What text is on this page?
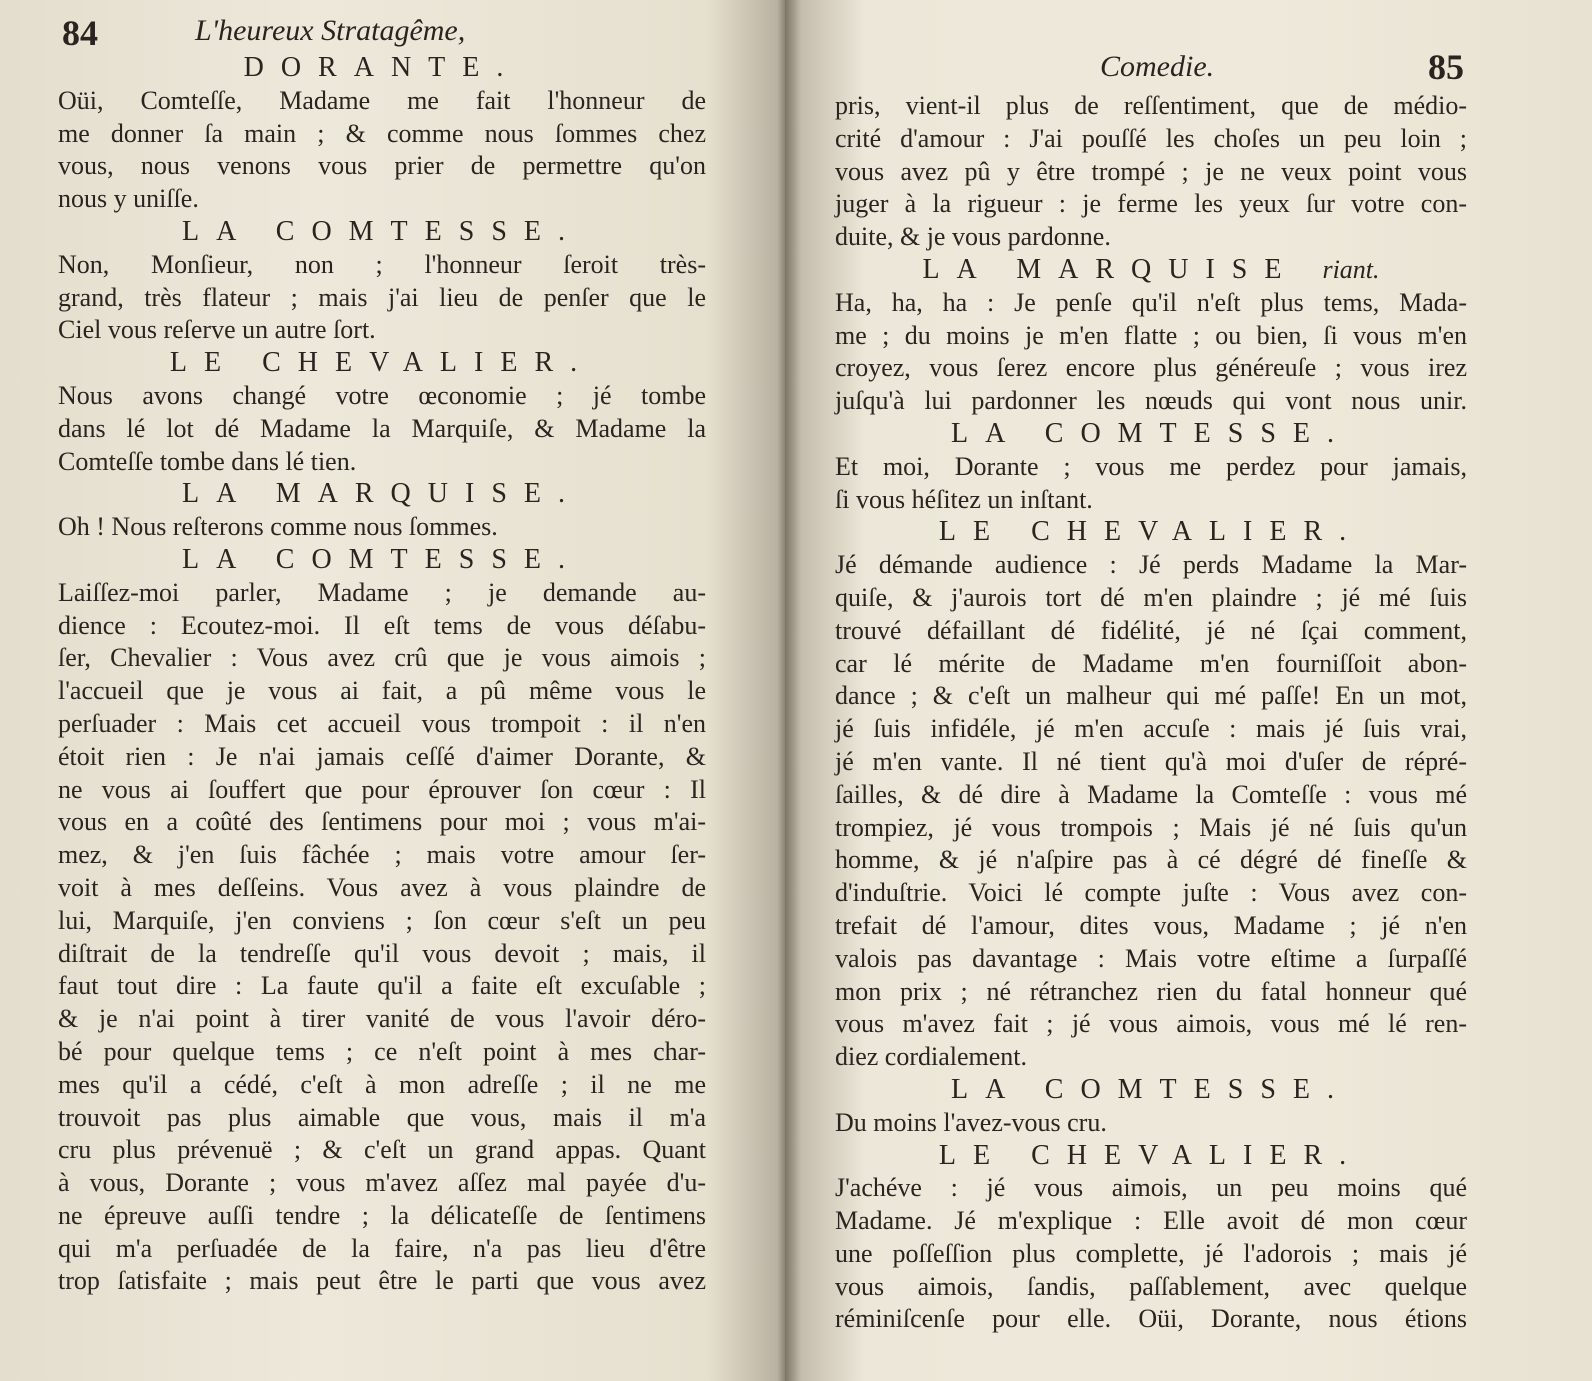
84	L'heureux Stratagême,
DORANTE.
Oüi, Comteſſe, Madame me fait l'honneur de
me donner ſa main ; & comme nous ſommes chez
vous, nous venons vous prier de permettre qu'on
nous y uniſſe.
LA COMTESSE.
Non, Monſieur, non ; l'honneur ſeroit très-
grand, très flateur ; mais j'ai lieu de penſer que le
Ciel vous reſerve un autre ſort.
LE CHEVALIER.
Nous avons changé votre œconomie ; jé tombe
dans lé lot dé Madame la Marquiſe, & Madame la
Comteſſe tombe dans lé tien.
LA MARQUISE.
Oh ! Nous reſterons comme nous ſommes.
LA COMTESSE.
Laiſſez-moi parler, Madame ; je demande au-
dience : Ecoutez-moi. Il eſt tems de vous déſabu-
ſer, Chevalier : Vous avez crû que je vous aimois ;
l'accueil que je vous ai fait, a pû même vous le
perſuader : Mais cet accueil vous trompoit : il n'en
étoit rien : Je n'ai jamais ceſſé d'aimer Dorante, &
ne vous ai ſouffert que pour éprouver ſon cœur : Il
vous en a coûté des ſentimens pour moi ; vous m'ai-
mez, & j'en ſuis fâchée ; mais votre amour ſer-
voit à mes deſſeins. Vous avez à vous plaindre de
lui, Marquiſe, j'en conviens ; ſon cœur s'eſt un peu
diſtrait de la tendreſſe qu'il vous devoit ; mais, il
faut tout dire : La faute qu'il a faite eſt excuſable ;
& je n'ai point à tirer vanité de vous l'avoir déro-
bé pour quelque tems ; ce n'eſt point à mes char-
mes qu'il a cédé, c'eſt à mon adreſſe ; il ne me
trouvoit pas plus aimable que vous, mais il m'a
cru plus prévenuë ; & c'eſt un grand appas. Quant
à vous, Dorante ; vous m'avez aſſez mal payée d'u-
ne épreuve auſſi tendre ; la délicateſſe de ſentimens
qui m'a perſuadée de la faire, n'a pas lieu d'être
trop ſatisfaite ; mais peut être le parti que vous avez
Comedie.	85
pris, vient-il plus de reſſentiment, que de médio-
crité d'amour : J'ai pouſſé les choſes un peu loin ;
vous avez pû y être trompé ; je ne veux point vous
juger à la rigueur : je ferme les yeux ſur votre con-
duite, & je vous pardonne.
LA MARQUISE riant.
Ha, ha, ha : Je penſe qu'il n'eſt plus tems, Mada-
me ; du moins je m'en flatte ; ou bien, ſi vous m'en
croyez, vous ſerez encore plus généreuſe ; vous irez
juſqu'à lui pardonner les nœuds qui vont nous unir.
LA COMTESSE.
Et moi, Dorante ; vous me perdez pour jamais,
ſi vous héſitez un inſtant.
LE CHEVALIER.
Jé démande audience : Jé perds Madame la Mar-
quiſe, & j'aurois tort dé m'en plaindre ; jé mé ſuis
trouvé défaillant dé fidélité, jé né ſçai comment,
car lé mérite de Madame m'en fourniſſoit abon-
dance ; & c'eſt un malheur qui mé paſſe! En un mot,
jé ſuis infidéle, jé m'en accuſe : mais jé ſuis vrai,
jé m'en vante. Il né tient qu'à moi d'uſer de répré-
ſailles, & dé dire à Madame la Comteſſe : vous mé
trompiez, jé vous trompois ; Mais jé né ſuis qu'un
homme, & jé n'aſpire pas à cé dégré dé fineſſe &
d'induſtrie. Voici lé compte juſte : Vous avez con-
trefait dé l'amour, dites vous, Madame ; jé n'en
valois pas davantage : Mais votre eſtime a ſurpaſſé
mon prix ; né rétranchez rien du fatal honneur qué
vous m'avez fait ; jé vous aimois, vous mé lé ren-
diez cordialement.
LA COMTESSE.
Du moins l'avez-vous cru.
LE CHEVALIER.
J'achéve : jé vous aimois, un peu moins qué
Madame. Jé m'explique : Elle avoit dé mon cœur
une poſſeſſion plus complette, jé l'adorois ; mais jé
vous aimois, ſandis, paſſablement, avec quelque
réminiſcenſe pour elle. Oüi, Dorante, nous étions
